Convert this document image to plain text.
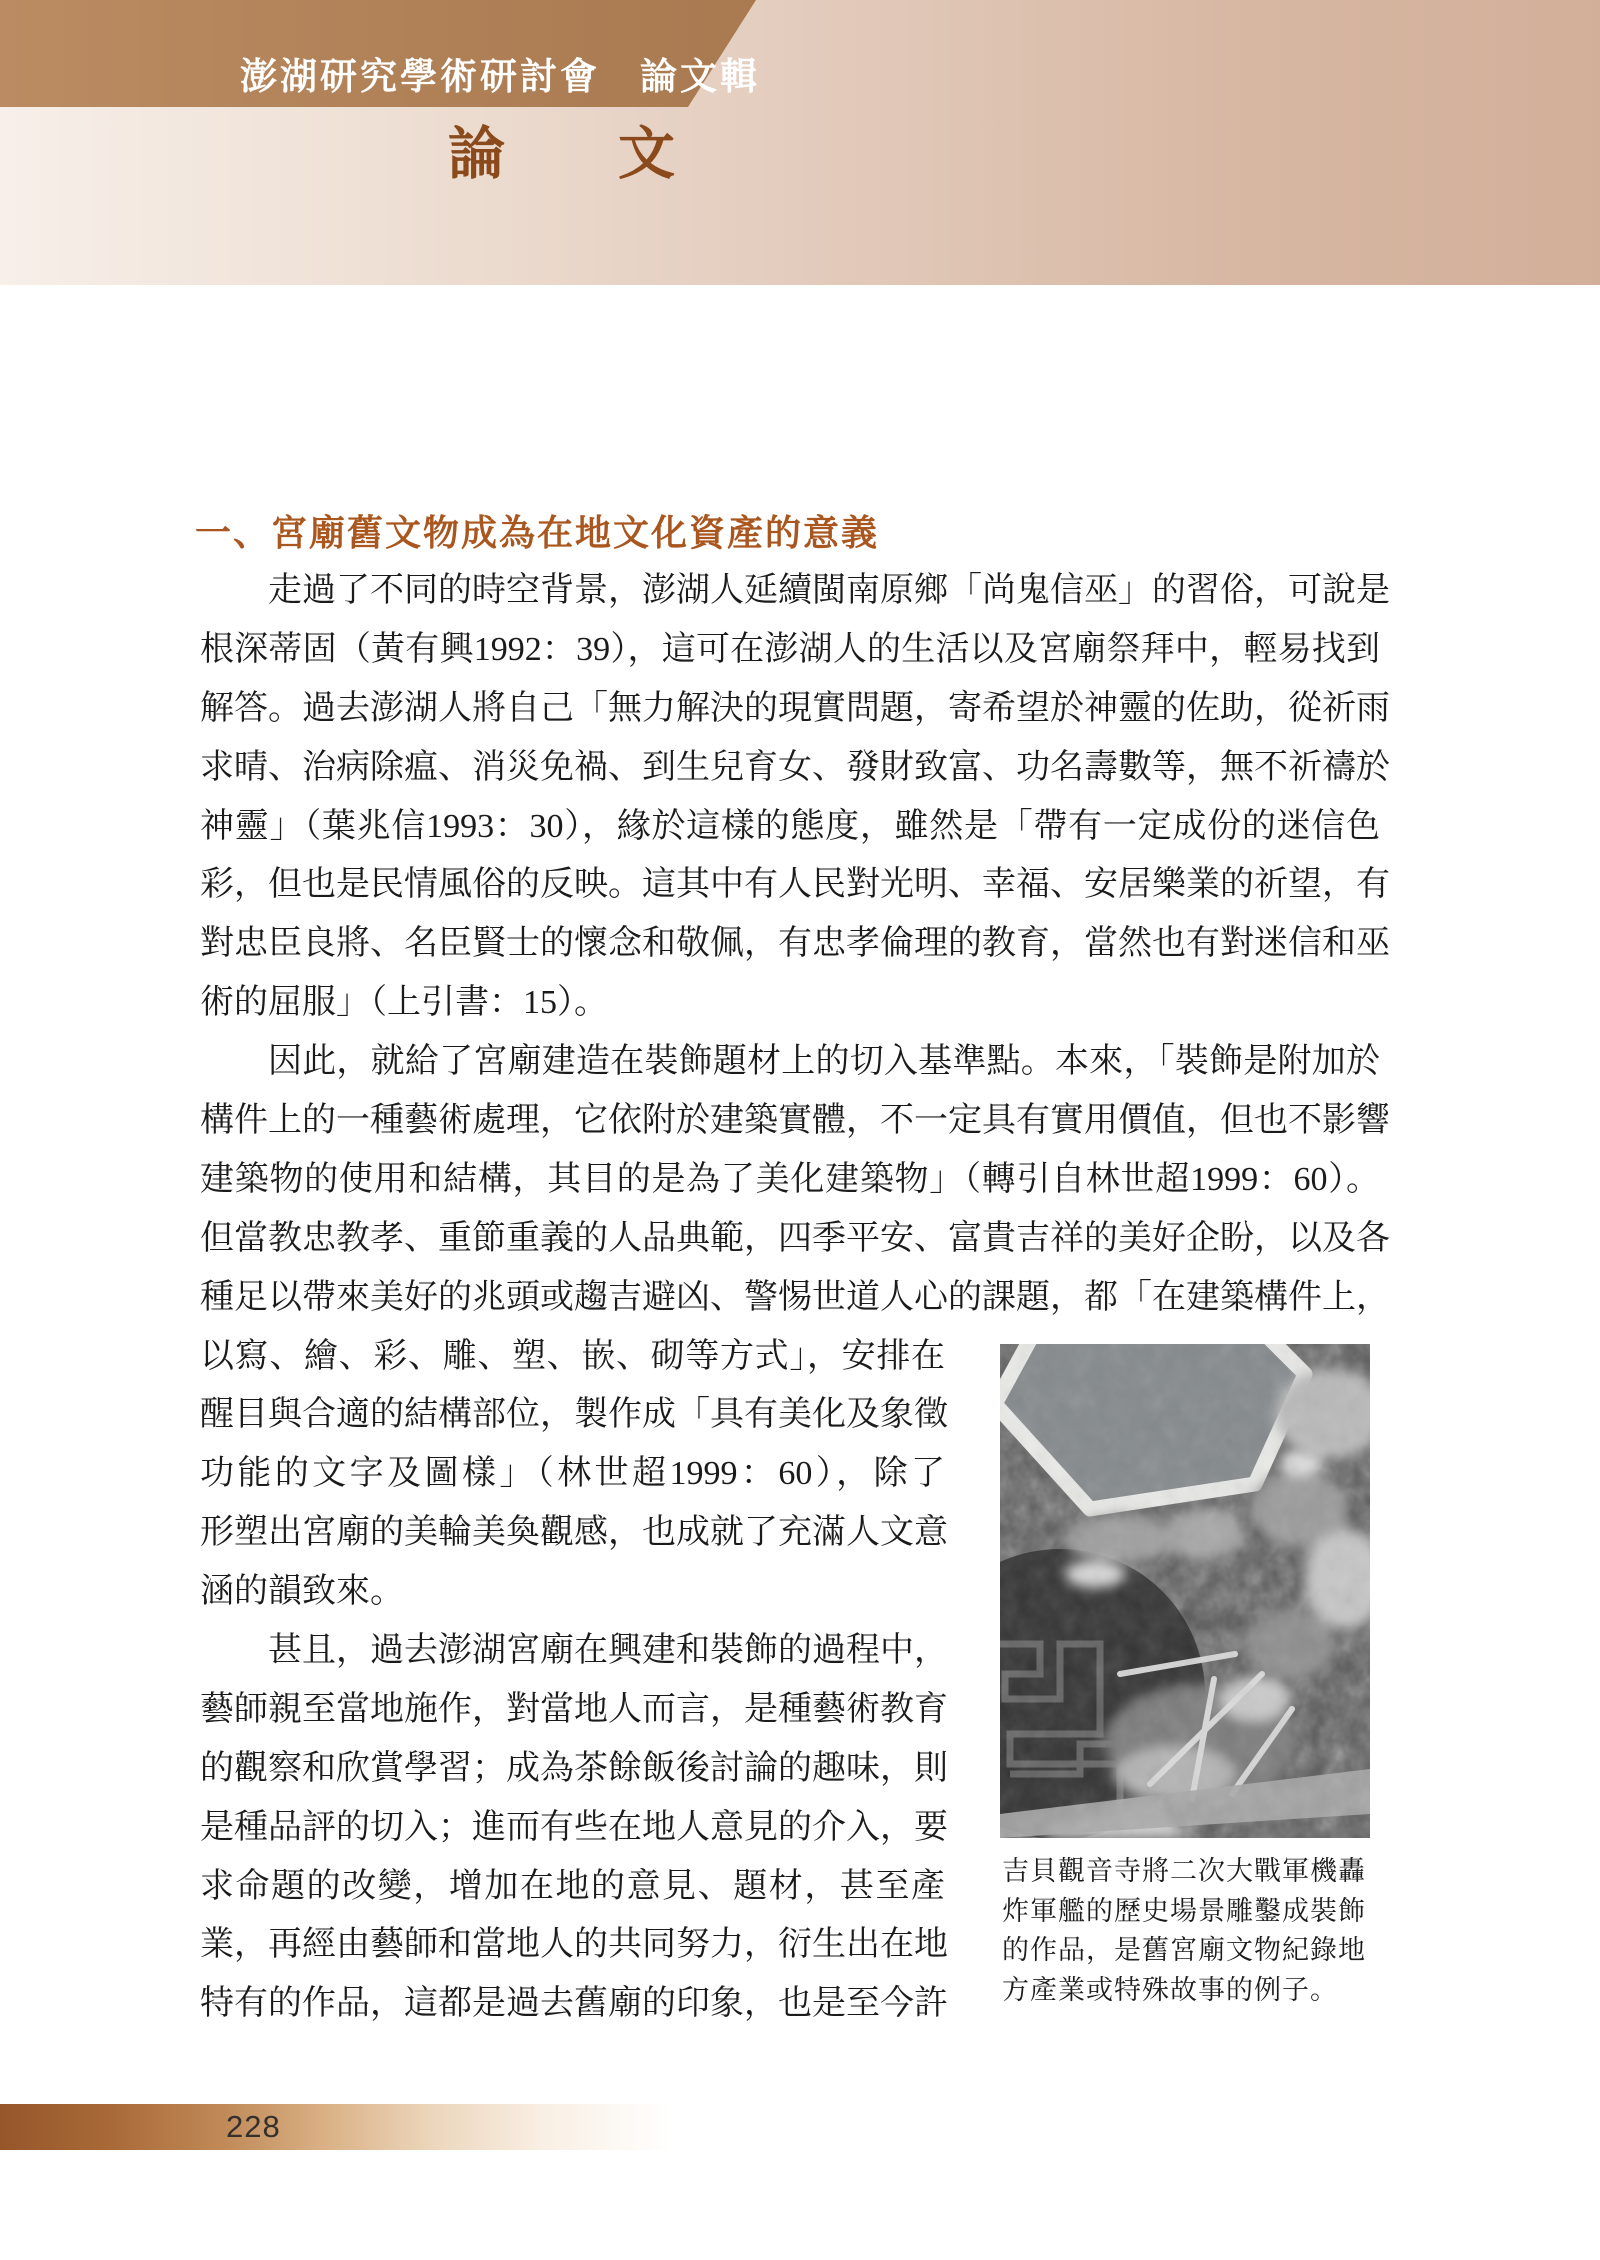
澎湖研究學術研討會　論文輯
論　文
一、宮廟舊文物成為在地文化資產的意義
走過了不同的時空背景，澎湖人延續閩南原鄉「尚鬼信巫」的習俗，可說是
根深蒂固（黃有興1992：39），這可在澎湖人的生活以及宮廟祭拜中，輕易找到
解答。過去澎湖人將自己「無力解決的現實問題，寄希望於神靈的佐助，從祈雨
求晴、治病除瘟、消災免禍、到生兒育女、發財致富、功名壽數等，無不祈禱於
神靈」（葉兆信1993：30），緣於這樣的態度，雖然是「帶有一定成份的迷信色
彩，但也是民情風俗的反映。這其中有人民對光明、幸福、安居樂業的祈望，有
對忠臣良將、名臣賢士的懷念和敬佩，有忠孝倫理的教育，當然也有對迷信和巫
術的屈服」（上引書：15）。
因此，就給了宮廟建造在裝飾題材上的切入基準點。本來，「裝飾是附加於
構件上的一種藝術處理，它依附於建築實體，不一定具有實用價值，但也不影響
建築物的使用和結構，其目的是為了美化建築物」（轉引自林世超1999：60）。
但當教忠教孝、重節重義的人品典範，四季平安、富貴吉祥的美好企盼，以及各
種足以帶來美好的兆頭或趨吉避凶、警惕世道人心的課題，都「在建築構件上，
以寫、繪、彩、雕、塑、嵌、砌等方式」，安排在
醒目與合適的結構部位，製作成「具有美化及象徵
功能的文字及圖樣」（林世超1999：60），除了
形塑出宮廟的美輪美奐觀感，也成就了充滿人文意
涵的韻致來。
甚且，過去澎湖宮廟在興建和裝飾的過程中，
藝師親至當地施作，對當地人而言，是種藝術教育
的觀察和欣賞學習；成為茶餘飯後討論的趣味，則
是種品評的切入；進而有些在地人意見的介入，要
求命題的改變，增加在地的意見、題材，甚至產
業，再經由藝師和當地人的共同努力，衍生出在地
特有的作品，這都是過去舊廟的印象，也是至今許
吉貝觀音寺將二次大戰軍機轟
炸軍艦的歷史場景雕鑿成裝飾
的作品，是舊宮廟文物紀錄地
方產業或特殊故事的例子。
228
